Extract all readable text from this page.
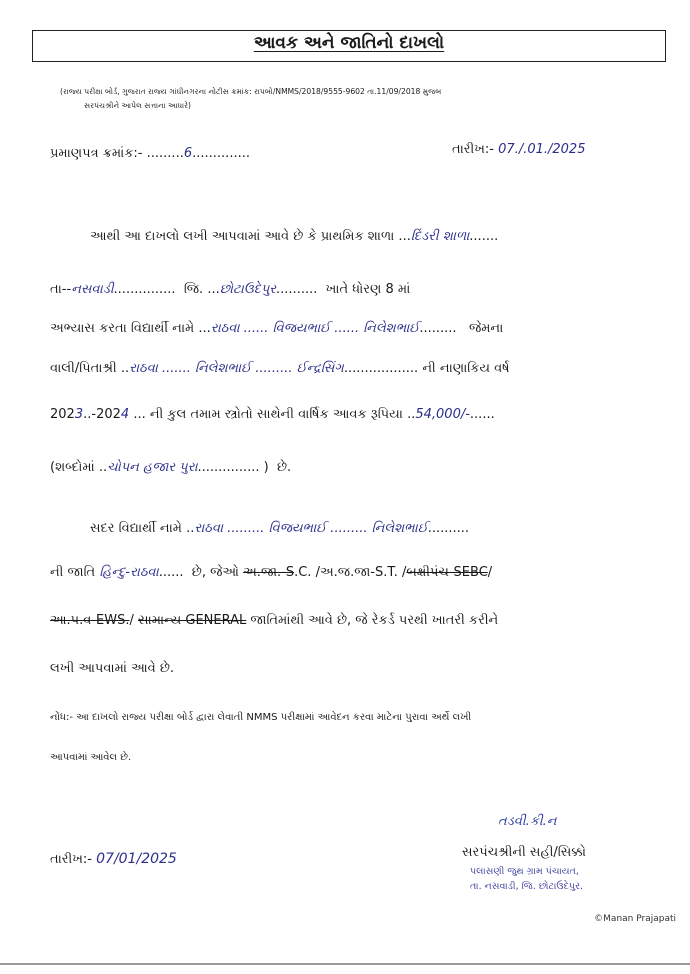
આવક અને જાતિનો દાખલો
(રાજ્ય પરીક્ષા બોર્ડ, ગુજરાત રાજ્ય ગાંધીનગરના નોટીસ ક્રમાંક: રાપબો/NMMS/2018/9555-9602 તા.11/09/2018 મુજબ
સરપંચશ્રીને આપેલ સત્તાના આધારે)
પ્રમાણપત્ર ક્રમાંક:- .........6..............	તારીખ:- 07./.01./2025
આથી આ દાખલો લખી આપવામાં આવે છે કે પ્રાથમિક શાળા ...દિંડરી શાળા.......
તા--નસવાડી............... જિ. ...છોટાઉદેપુર.......... ખાતે ધોરણ 8 માં
અભ્યાસ કરતા વિદ્યાર્થી નામે ...રાઠવા ...... વિજયભાઈ ...... નિલેશભાઈ......... જેમના
વાલી/પિતાશ્રી ..રાઠવા ....... નિલેશભાઈ ......... ઈન્દ્રસિંગ.................. ની નાણાકિય વર્ષ
2023..-2024 ... ની કુલ તમામ સ્ત્રોતો સાથેની વાર્ષિક આવક રૂપિયા ..54,000/-......
(શબ્દોમાં ..ચોપન હજાર પુરા............... ) છે.
સદર વિદ્યાર્થી નામે ..રાઠવા ......... વિજયભાઈ ......... નિલેશભાઈ..........
ની જાતિ હિન્દુ-રાઠવા...... છે, જેઓ અ.જા.-S.C. /અ.જ.જા-S.T. /બક્ષીપંચ-SEBC/
આ.પ.વ-EWS./ સામાન્ય GENERAL જાતિમાંથી આવે છે, જે રેકર્ડ પરથી ખાતરી કરીને
લખી આપવામાં આવે છે.
નોંધ:- આ દાખલો રાજ્ય પરીક્ષા બોર્ડ દ્વારા લેવાતી NMMS પરીક્ષામાં આવેદન કરવા માટેના પુરાવા અર્થે લખી
આપવામાં આવેલ છે.
તારીખ:- 07/01/2025
તડવી.કી.ન
સરપંચશ્રીની સહી/સિક્કો
પલાસણી જુથ ગ્રામ પંચાયત,
તા. નસવાડી, જિ. છોટાઉદેપુર.
©Manan Prajapati
